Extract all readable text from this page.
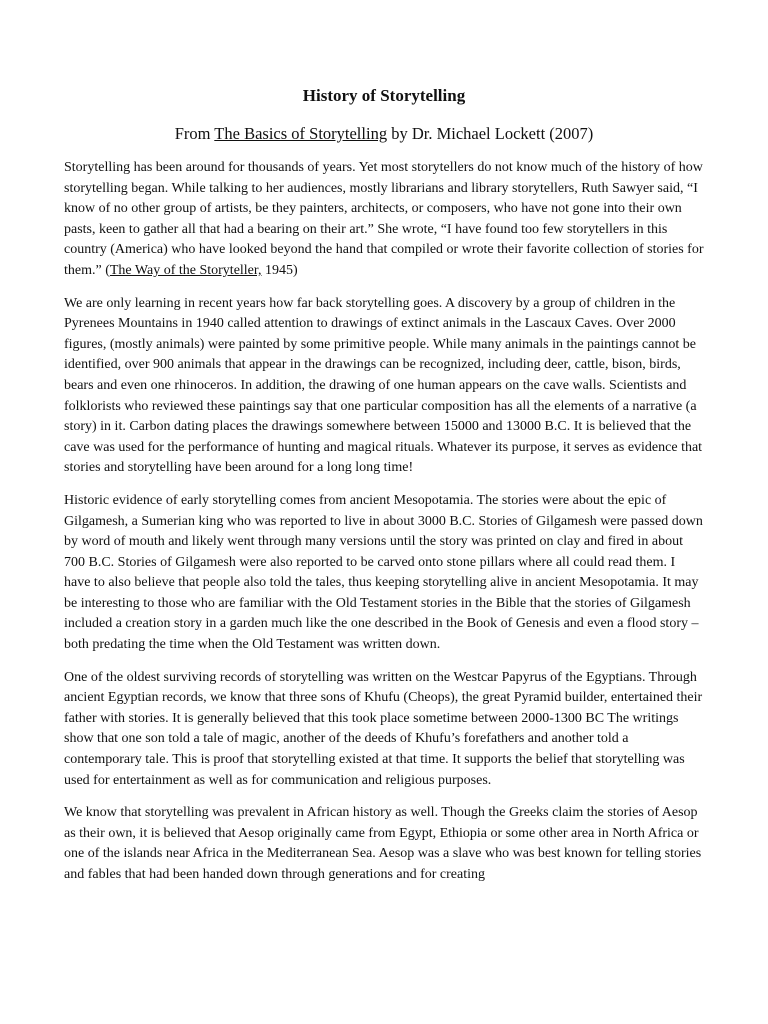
History of Storytelling

From The Basics of Storytelling by Dr. Michael Lockett (2007)

Storytelling has been around for thousands of years. Yet most storytellers do not know much of the history of how storytelling began. While talking to her audiences, mostly librarians and library storytellers, Ruth Sawyer said, “I know of no other group of artists, be they painters, architects, or composers, who have not gone into their own pasts, keen to gather all that had a bearing on their art.” She wrote, “I have found too few storytellers in this country (America) who have looked beyond the hand that compiled or wrote their favorite collection of stories for them.” (The Way of the Storyteller, 1945)

We are only learning in recent years how far back storytelling goes. A discovery by a group of children in the Pyrenees Mountains in 1940 called attention to drawings of extinct animals in the Lascaux Caves. Over 2000 figures, (mostly animals) were painted by some primitive people. While many animals in the paintings cannot be identified, over 900 animals that appear in the drawings can be recognized, including deer, cattle, bison, birds, bears and even one rhinoceros. In addition, the drawing of one human appears on the cave walls. Scientists and folklorists who reviewed these paintings say that one particular composition has all the elements of a narrative (a story) in it. Carbon dating places the drawings somewhere between 15000 and 13000 B.C. It is believed that the cave was used for the performance of hunting and magical rituals. Whatever its purpose, it serves as evidence that stories and storytelling have been around for a long long time!

Historic evidence of early storytelling comes from ancient Mesopotamia. The stories were about the epic of Gilgamesh, a Sumerian king who was reported to live in about 3000 B.C. Stories of Gilgamesh were passed down by word of mouth and likely went through many versions until the story was printed on clay and fired in about 700 B.C. Stories of Gilgamesh were also reported to be carved onto stone pillars where all could read them. I have to also believe that people also told the tales, thus keeping storytelling alive in ancient Mesopotamia. It may be interesting to those who are familiar with the Old Testament stories in the Bible that the stories of Gilgamesh included a creation story in a garden much like the one described in the Book of Genesis and even a flood story – both predating the time when the Old Testament was written down.

One of the oldest surviving records of storytelling was written on the Westcar Papyrus of the Egyptians. Through ancient Egyptian records, we know that three sons of Khufu (Cheops), the great Pyramid builder, entertained their father with stories. It is generally believed that this took place sometime between 2000-1300 BC The writings show that one son told a tale of magic, another of the deeds of Khufu’s forefathers and another told a contemporary tale. This is proof that storytelling existed at that time. It supports the belief that storytelling was used for entertainment as well as for communication and religious purposes.

We know that storytelling was prevalent in African history as well. Though the Greeks claim the stories of Aesop as their own, it is believed that Aesop originally came from Egypt, Ethiopia or some other area in North Africa or one of the islands near Africa in the Mediterranean Sea. Aesop was a slave who was best known for telling stories and fables that had been handed down through generations and for creating
